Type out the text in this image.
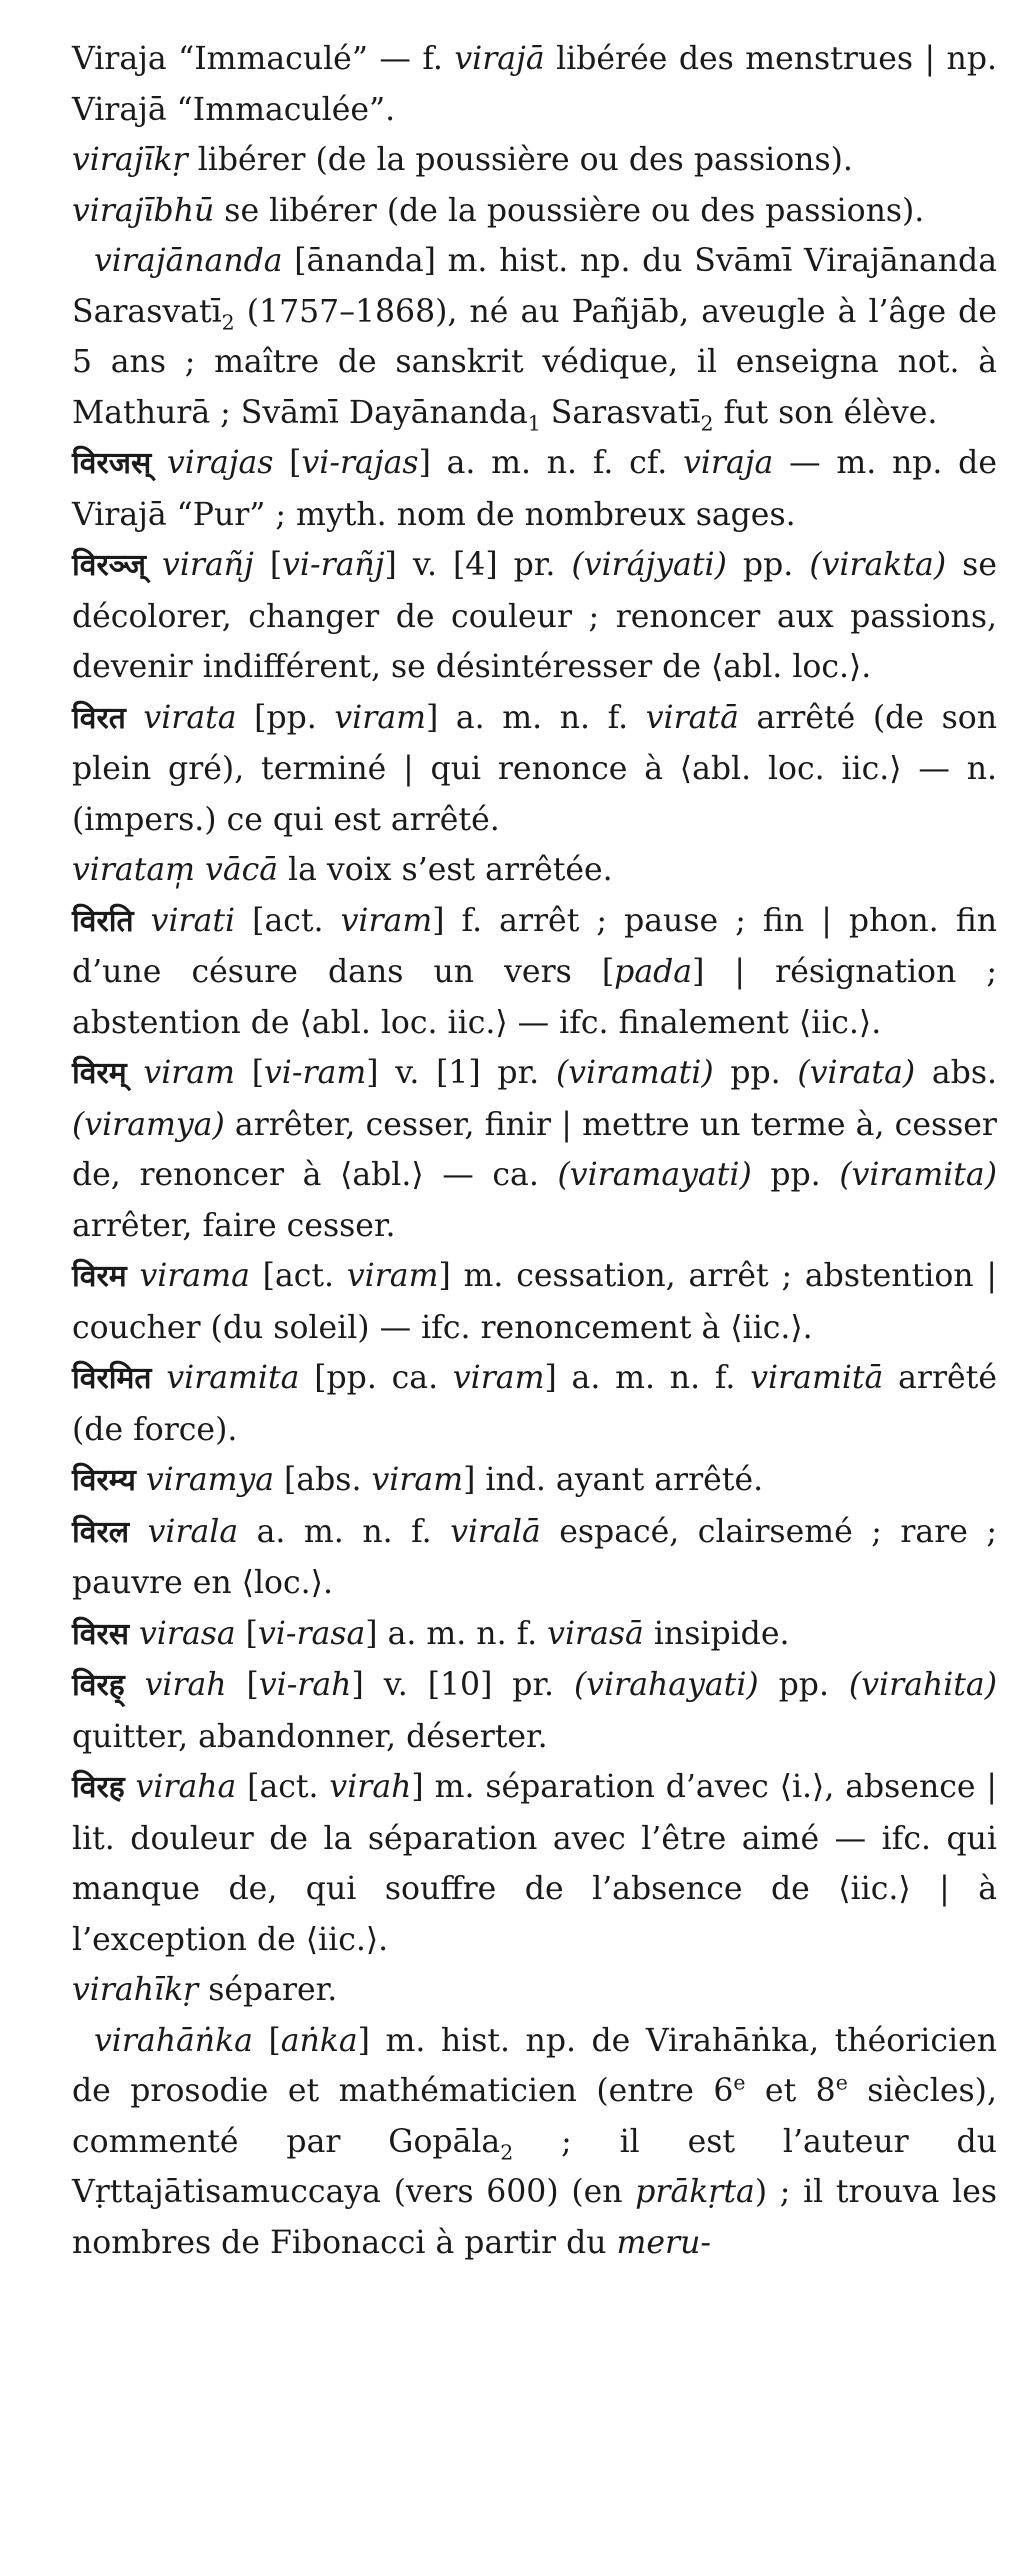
Viraja “Immaculé” — f. virajā libérée des menstrues | np. Virajā “Immaculée”.

virajīkṛ libérer (de la poussière ou des passions).

virajībhū se libérer (de la poussière ou des passions).

virajānanda [ānanda] m. hist. np. du Svāmī Virajānanda Sarasvatī$_2$ (1757–1868), né au Pañjāb, aveugle à l’âge de 5 ans ; maître de sanskrit védique, il enseigna not. à Mathurā ; Svāmī Dayānanda$_1$ Sarasvatī$_2$ fut son élève.

विरजस् virajas [vi-rajas] a. m. n. f. cf. viraja — m. np. de Virajā “Pur” ; myth. nom de nombreux sages.

विरञ्ज् virañj [vi-rañj] v. [4] pr. (virájyati) pp. (virakta) se décolorer, changer de couleur ; renoncer aux passions, devenir indifférent, se désintéresser de ⟨abl. loc.⟩.

विरत virata [pp. viram] a. m. n. f. viratā arrêté (de son plein gré), terminé | qui renonce à ⟨abl. loc. iic.⟩ — n. (impers.) ce qui est arrêté.

viratam̩ vācā la voix s’est arrêtée.

विरति virati [act. viram] f. arrêt ; pause ; fin | phon. fin d’une césure dans un vers [pada] | résignation ; abstention de ⟨abl. loc. iic.⟩ — ifc. finalement ⟨iic.⟩.

विरम् viram [vi-ram] v. [1] pr. (viramati) pp. (virata) abs. (viramya) arrêter, cesser, finir | mettre un terme à, cesser de, renoncer à ⟨abl.⟩ — ca. (viramayati) pp. (viramita) arrêter, faire cesser.

विरम virama [act. viram] m. cessation, arrêt ; abstention | coucher (du soleil) — ifc. renoncement à ⟨iic.⟩.

विरमित viramita [pp. ca. viram] a. m. n. f. viramitā arrêté (de force).

विरम्य viramya [abs. viram] ind. ayant arrêté.

विरल virala a. m. n. f. viralā espacé, clairsemé ; rare ; pauvre en ⟨loc.⟩.

विरस virasa [vi-rasa] a. m. n. f. virasā insipide.

विरह् virah [vi-rah] v. [10] pr. (virahayati) pp. (virahita) quitter, abandonner, déserter.

विरह viraha [act. virah] m. séparation d’avec ⟨i.⟩, absence | lit. douleur de la séparation avec l’être aimé — ifc. qui manque de, qui souffre de l’absence de ⟨iic.⟩ | à l’exception de ⟨iic.⟩.

virahīkṛ séparer.

virahāṅka [aṅka] m. hist. np. de Virahāṅka, théoricien de prosodie et mathématicien (entre 6e et 8e siècles), commenté par Gopāla$_2$ ; il est l’auteur du Vṛttajātisamuccaya (vers 600) (en prākṛta) ; il trouva les nombres de Fibonacci à partir du meru-
